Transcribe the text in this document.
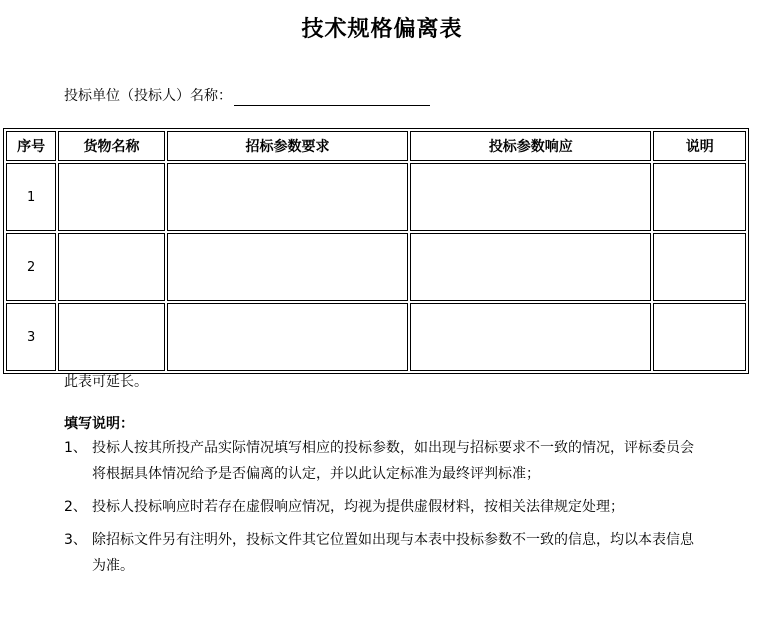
技术规格偏离表
投标单位（投标人）名称：
序号	货物名称	招标参数要求	投标参数响应	说明
1				
2				
3				
此表可延长。
填写说明：
1、 投标人按其所投产品实际情况填写相应的投标参数，如出现与招标要求不一致的情况，评标委员会将根据具体情况给予是否偏离的认定，并以此认定标准为最终评判标准；
2、 投标人投标响应时若存在虚假响应情况，均视为提供虚假材料，按相关法律规定处理；
3、 除招标文件另有注明外，投标文件其它位置如出现与本表中投标参数不一致的信息，均以本表信息为准。
